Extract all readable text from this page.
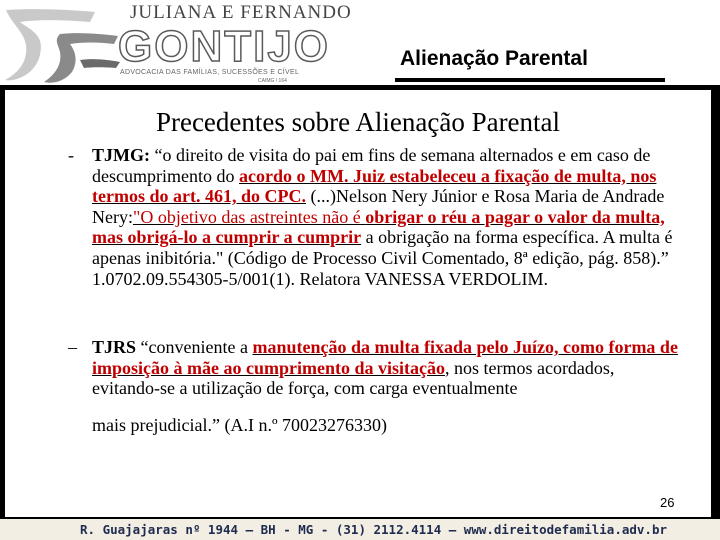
JULIANA E FERNANDO
GONTIJO
ADVOCACIA DAS FAMÍLIAS, SUCESSÕES E CÍVEL
CAIMG / 164
Alienação Parental
Precedentes sobre Alienação Parental
- TJMG: “o direito de visita do pai em fins de semana alternados e em caso de descumprimento do acordo o MM. Juiz estabeleceu a fixação de multa, nos termos do art. 461, do CPC. (...)Nelson Nery Júnior e Rosa Maria de Andrade Nery:"O objetivo das astreintes não é obrigar o réu a pagar o valor da multa, mas obrigá-lo a cumprir a cumprir a obrigação na forma específica. A multa é apenas inibitória." (Código de Processo Civil Comentado, 8ª edição, pág. 858).” 1.0702.09.554305-5/001(1). Relatora VANESSA VERDOLIM.
– TJRS “conveniente a manutenção da multa fixada pelo Juízo, como forma de imposição à mãe ao cumprimento da visitação, nos termos acordados, evitando-se a utilização de força, com carga eventualmente
mais prejudicial.” (A.I n.º 70023276330)
26
R. Guajajaras nº 1944 – BH - MG - (31) 2112.4114 – www.direitodefamilia.adv.br
